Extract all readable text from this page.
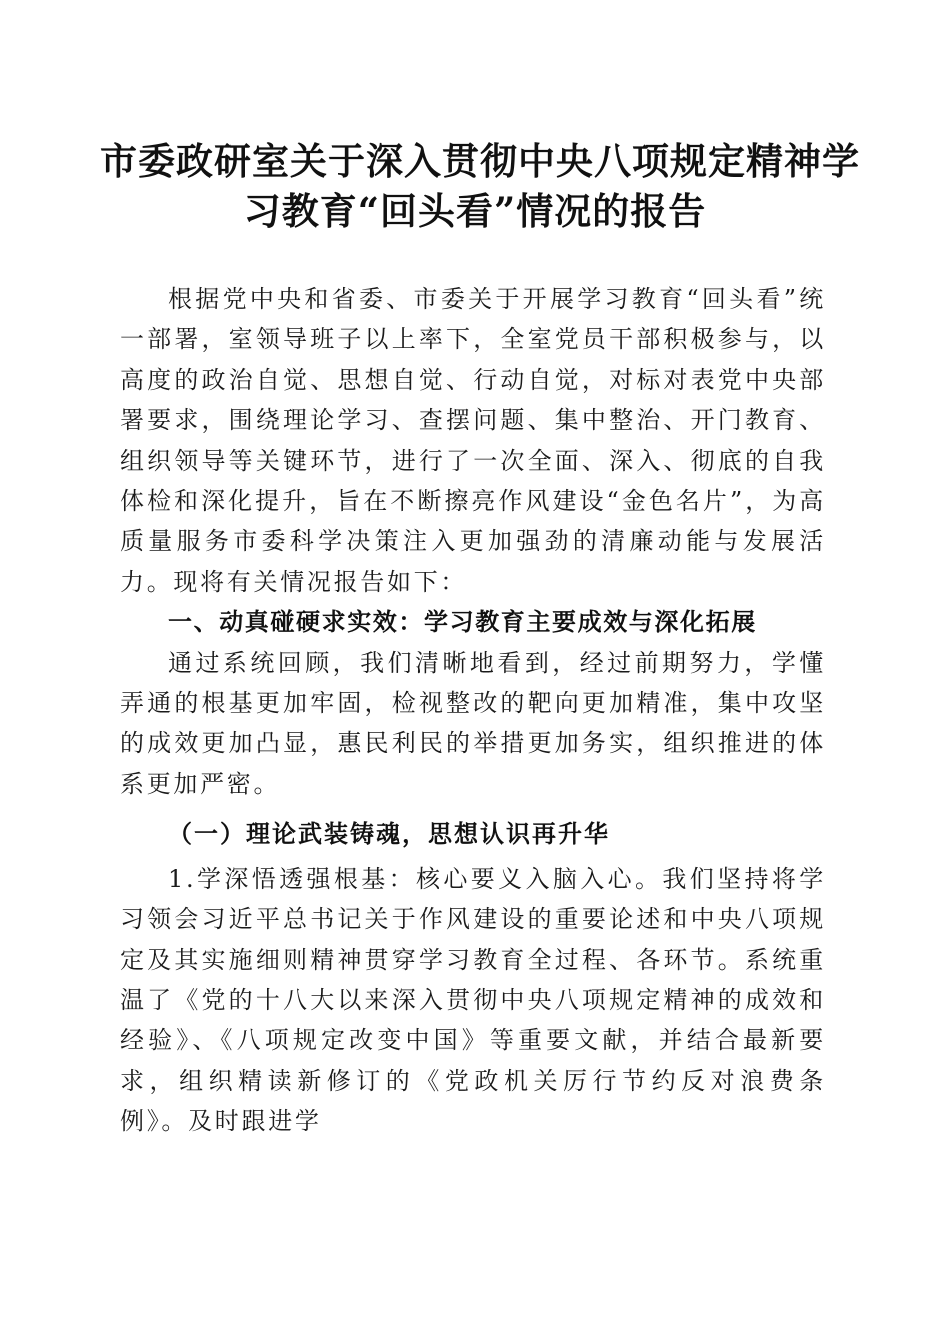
市委政研室关于深入贯彻中央八项规定精神学
习教育“回头看”情况的报告

根据党中央和省委、市委关于开展学习教育“回头看”统一部署，室领导班子以上率下，全室党员干部积极参与，以高度的政治自觉、思想自觉、行动自觉，对标对表党中央部署要求，围绕理论学习、查摆问题、集中整治、开门教育、组织领导等关键环节，进行了一次全面、深入、彻底的自我体检和深化提升，旨在不断擦亮作风建设“金色名片”，为高质量服务市委科学决策注入更加强劲的清廉动能与发展活力。现将有关情况报告如下：

一、动真碰硬求实效：学习教育主要成效与深化拓展

通过系统回顾，我们清晰地看到，经过前期努力，学懂弄通的根基更加牢固，检视整改的靶向更加精准，集中攻坚的成效更加凸显，惠民利民的举措更加务实，组织推进的体系更加严密。

（一）理论武装铸魂，思想认识再升华

1.学深悟透强根基：核心要义入脑入心。我们坚持将学习领会习近平总书记关于作风建设的重要论述和中央八项规定及其实施细则精神贯穿学习教育全过程、各环节。系统重温了《党的十八大以来深入贯彻中央八项规定精神的成效和经验》、《八项规定改变中国》等重要文献，并结合最新要求，组织精读新修订的《党政机关厉行节约反对浪费条例》。及时跟进学
